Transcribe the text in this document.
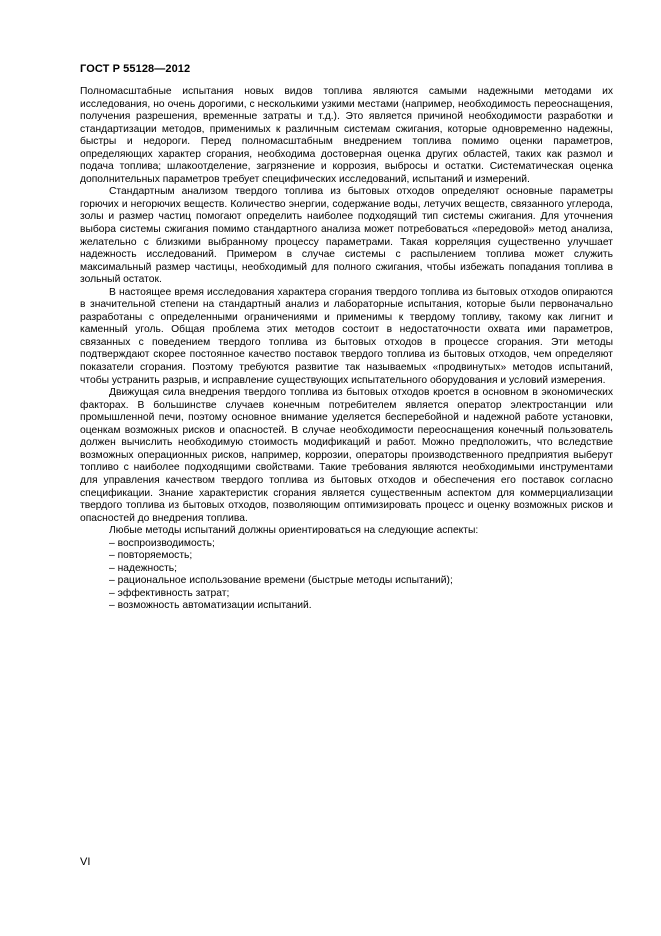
ГОСТ Р 55128—2012

Полномасштабные испытания новых видов топлива являются самыми надежными методами их исследования, но очень дорогими, с несколькими узкими местами (например, необходимость переоснащения, получения разрешения, временные затраты и т.д.). Это является причиной необходимости разработки и стандартизации методов, применимых к различным системам сжигания, которые одновременно надежны, быстры и недороги. Перед полномасштабным внедрением топлива помимо оценки параметров, определяющих характер сгорания, необходима достоверная оценка других областей, таких как размол и подача топлива; шлакоотделение, загрязнение и коррозия, выбросы и остатки. Систематическая оценка дополнительных параметров требует специфических исследований, испытаний и измерений.

Стандартным анализом твердого топлива из бытовых отходов определяют основные параметры горючих и негорючих веществ. Количество энергии, содержание воды, летучих веществ, связанного углерода, золы и размер частиц помогают определить наиболее подходящий тип системы сжигания. Для уточнения выбора системы сжигания помимо стандартного анализа может потребоваться «передовой» метод анализа, желательно с близкими выбранному процессу параметрами. Такая корреляция существенно улучшает надежность исследований. Примером в случае системы с распылением топлива может служить максимальный размер частицы, необходимый для полного сжигания, чтобы избежать попадания топлива в зольный остаток.

В настоящее время исследования характера сгорания твердого топлива из бытовых отходов опираются в значительной степени на стандартный анализ и лабораторные испытания, которые были первоначально разработаны с определенными ограничениями и применимы к твердому топливу, такому как лигнит и каменный уголь. Общая проблема этих методов состоит в недостаточности охвата ими параметров, связанных с поведением твердого топлива из бытовых отходов в процессе сгорания. Эти методы подтверждают скорее постоянное качество поставок твердого топлива из бытовых отходов, чем определяют показатели сгорания. Поэтому требуются развитие так называемых «продвинутых» методов испытаний, чтобы устранить разрыв, и исправление существующих испытательного оборудования и условий измерения.

Движущая сила внедрения твердого топлива из бытовых отходов кроется в основном в экономических факторах. В большинстве случаев конечным потребителем является оператор электростанции или промышленной печи, поэтому основное внимание уделяется бесперебойной и надежной работе установки, оценкам возможных рисков и опасностей. В случае необходимости переоснащения конечный пользователь должен вычислить необходимую стоимость модификаций и работ. Можно предположить, что вследствие возможных операционных рисков, например, коррозии, операторы производственного предприятия выберут топливо с наиболее подходящими свойствами. Такие требования являются необходимыми инструментами для управления качеством твердого топлива из бытовых отходов и обеспечения его поставок согласно спецификации. Знание характеристик сгорания является существенным аспектом для коммерциализации твердого топлива из бытовых отходов, позволяющим оптимизировать процесс и оценку возможных рисков и опасностей до внедрения топлива.

Любые методы испытаний должны ориентироваться на следующие аспекты:

– воспроизводимость;
– повторяемость;
– надежность;
– рациональное использование времени (быстрые методы испытаний);
– эффективность затрат;
– возможность автоматизации испытаний.
VI
